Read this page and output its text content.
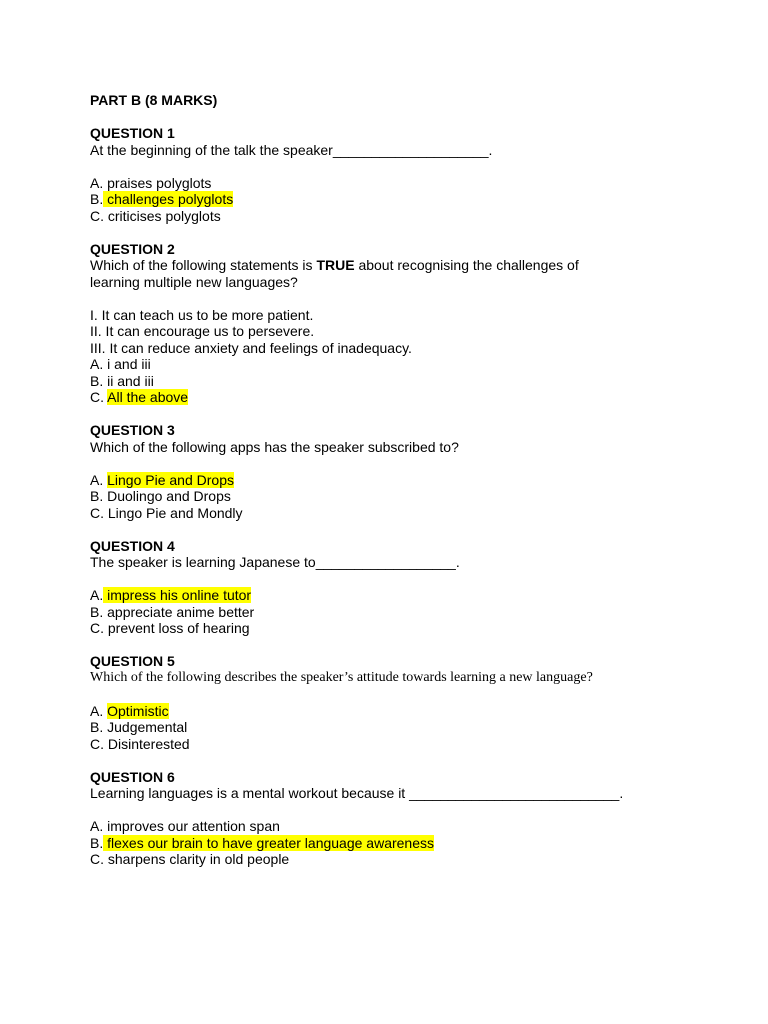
PART B (8 MARKS)
QUESTION 1
At the beginning of the talk the speaker____________________.
A. praises polyglots
B. challenges polyglots
C. criticises polyglots
QUESTION 2
Which of the following statements is TRUE about recognising the challenges of
learning multiple new languages?
I. It can teach us to be more patient.
II. It can encourage us to persevere.
III. It can reduce anxiety and feelings of inadequacy.
A. i and iii
B. ii and iii
C. All the above
QUESTION 3
Which of the following apps has the speaker subscribed to?
A. Lingo Pie and Drops
B. Duolingo and Drops
C. Lingo Pie and Mondly
QUESTION 4
The speaker is learning Japanese to__________________.
A. impress his online tutor
B. appreciate anime better
C. prevent loss of hearing
QUESTION 5
Which of the following describes the speaker’s attitude towards learning a new language?
A. Optimistic
B. Judgemental
C. Disinterested
QUESTION 6
Learning languages is a mental workout because it ___________________________.
A. improves our attention span
B. flexes our brain to have greater language awareness
C. sharpens clarity in old people
